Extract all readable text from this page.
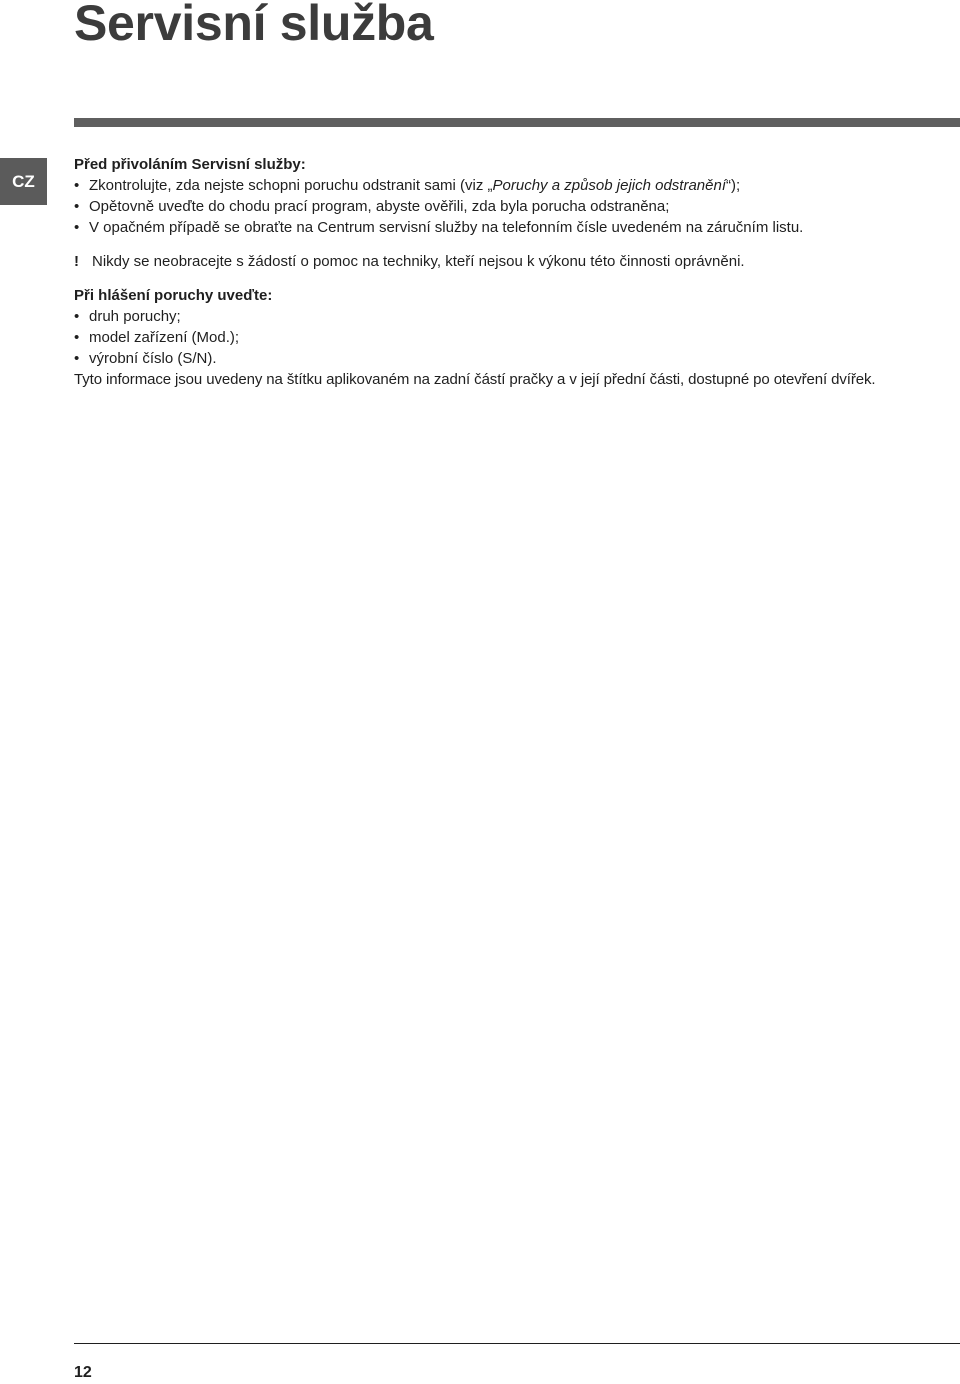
Servisní služba
CZ

Před přivoláním Servisní služby:

• Zkontrolujte, zda nejste schopni poruchu odstranit sami (viz „Poruchy a způsob jejich odstranění“);
• Opětovně uveďte do chodu prací program, abyste ověřili, zda byla porucha odstraněna;
• V opačném případě se obraťte na Centrum servisní služby na telefonním čísle uvedeném na záručním listu.
! Nikdy se neobracejte s žádostí o pomoc na techniky, kteří nejsou k výkonu této činnosti oprávněni.

Při hlášení poruchy uveďte:

• druh poruchy;
• model zařízení (Mod.);
• výrobní číslo (S/N).

Tyto informace jsou uvedeny na štítku aplikovaném na zadní částí pračky a v její přední části, dostupné po otevření dvířek.

12
